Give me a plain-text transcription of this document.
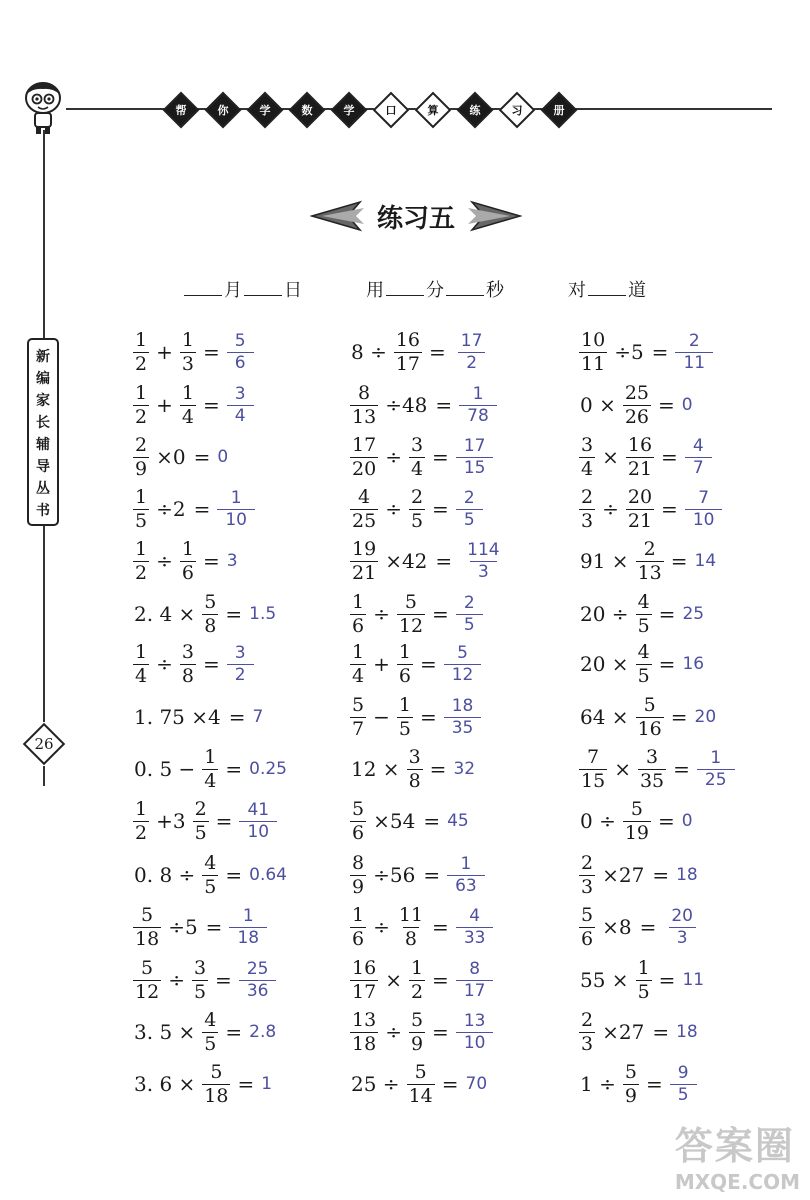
帮	你	学	数	学	口	算	练	习	册
新
编
家
长
辅
导
丛
书
26
练习五
月 日	用 分 秒	对 道
$\frac{1}{2} + \frac{1}{3} = \frac{5}{6}$
$\frac{1}{2} + \frac{1}{4} = \frac{3}{4}$
$\frac{2}{9} \times 0 = 0$
$\frac{1}{5} \div 2 = \frac{1}{10}$
$\frac{1}{2} \div \frac{1}{6} = 3$
2. $4 \times \frac{5}{8} = 1.5$
$\frac{1}{4} \div \frac{3}{8} = \frac{3}{2}$
1. 75 ×4 = 7
0. $5 - \frac{1}{4} = 0.25$
$\frac{1}{2} +3 \frac{2}{5} = \frac{41}{10}$
0. $8 \div \frac{4}{5} = 0.64$
$\frac{5}{18} \div 5 = \frac{1}{18}$
$\frac{5}{12} \div \frac{3}{5} = \frac{25}{36}$
3. $5 \times \frac{4}{5} = 2.8$
3. $6 \times \frac{5}{18} = 1$
$8 \div \frac{16}{17} = \frac{17}{2}$
$\frac{8}{13} \div 48 = \frac{1}{78}$
$\frac{17}{20} \div \frac{3}{4} = \frac{17}{15}$
$\frac{4}{25} \div \frac{2}{5} = \frac{2}{5}$
$\frac{19}{21} \times 42 = \frac{114}{3}$
$\frac{1}{6} \div \frac{5}{12} = \frac{2}{5}$
$\frac{1}{4} + \frac{1}{6} = \frac{5}{12}$
$\frac{5}{7} - \frac{1}{5} = \frac{18}{35}$
$12 \times \frac{3}{8} = 32$
$\frac{5}{6} \times 54 = 45$
$\frac{8}{9} \div 56 = \frac{1}{63}$
$\frac{1}{6} \div \frac{11}{8} = \frac{4}{33}$
$\frac{16}{17} \times \frac{1}{2} = \frac{8}{17}$
$\frac{13}{18} \div \frac{5}{9} = \frac{13}{10}$
$25 \div \frac{5}{14} = 70$
$\frac{10}{11} \div 5 = \frac{2}{11}$
$0 \times \frac{25}{26} = 0$
$\frac{3}{4} \times \frac{16}{21} = \frac{4}{7}$
$\frac{2}{3} \div \frac{20}{21} = \frac{7}{10}$
$91 \times \frac{2}{13} = 14$
$20 \div \frac{4}{5} = 25$
$20 \times \frac{4}{5} = 16$
$64 \times \frac{5}{16} = 20$
$\frac{7}{15} \times \frac{3}{35} = \frac{1}{25}$
$0 \div \frac{5}{19} = 0$
$\frac{2}{3} \times 27 = 18$
$\frac{5}{6} \times 8 = \frac{20}{3}$
$55 \times \frac{1}{5} = 11$
$\frac{2}{3} \times 27 = 18$
$1 \div \frac{5}{9} = \frac{9}{5}$
答案圈
MXQE.COM
